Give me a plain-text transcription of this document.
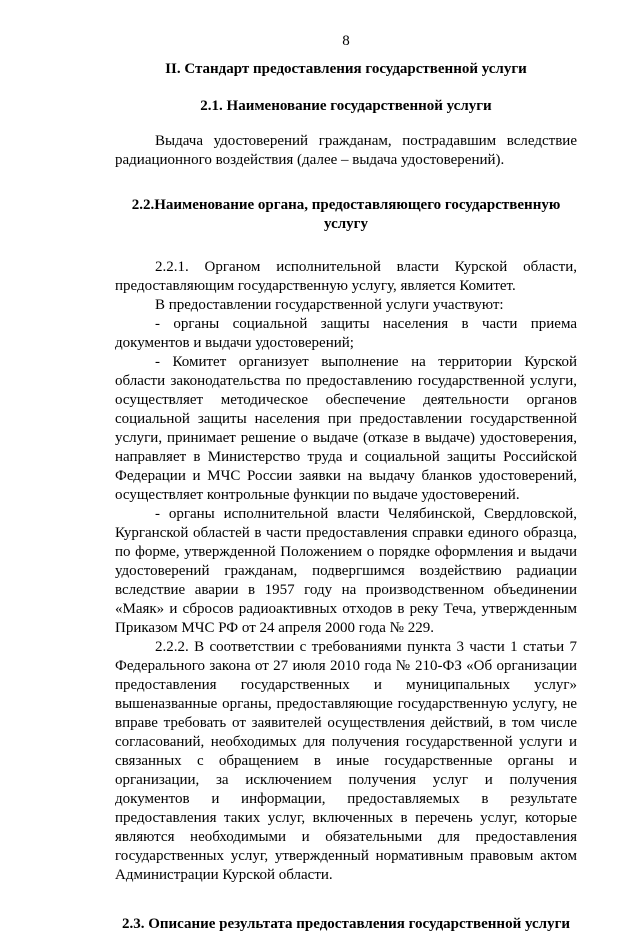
8
II. Стандарт предоставления государственной услуги
2.1. Наименование государственной услуги

Выдача удостоверений гражданам, пострадавшим вследствие радиационного воздействия (далее – выдача удостоверений).

2.2.Наименование органа, предоставляющего государственную услугу

2.2.1. Органом исполнительной власти Курской области, предоставляющим государственную услугу, является Комитет.

В предоставлении государственной услуги участвуют:

- органы социальной защиты населения в части приема документов и выдачи удостоверений;

- Комитет организует выполнение на территории Курской области законодательства по предоставлению государственной услуги, осуществляет методическое обеспечение деятельности органов социальной защиты населения при предоставлении государственной услуги, принимает решение о выдаче (отказе в выдаче) удостоверения, направляет в Министерство труда и социальной защиты Российской Федерации и МЧС России заявки на выдачу бланков удостоверений, осуществляет контрольные функции по выдаче удостоверений.

- органы исполнительной власти Челябинской, Свердловской, Курганской областей в части предоставления справки единого образца, по форме, утвержденной Положением о порядке оформления и выдачи удостоверений гражданам, подвергшимся воздействию радиации вследствие аварии в 1957 году на производственном объединении «Маяк» и сбросов радиоактивных отходов в реку Теча, утвержденным Приказом МЧС РФ от 24 апреля 2000 года № 229.

2.2.2. В соответствии с требованиями пункта 3 части 1 статьи 7 Федерального закона от 27 июля 2010 года № 210-ФЗ «Об организации предоставления государственных и муниципальных услуг» вышеназванные органы, предоставляющие государственную услугу, не вправе требовать от заявителей осуществления действий, в том числе согласований, необходимых для получения государственной услуги и связанных с обращением в иные государственные органы и организации, за исключением получения услуг и получения документов и информации, предоставляемых в результате предоставления таких услуг, включенных в перечень услуг, которые являются необходимыми и обязательными для предоставления государственных услуг, утвержденный нормативным правовым актом Администрации Курской области.

2.3. Описание результата предоставления государственной услуги
